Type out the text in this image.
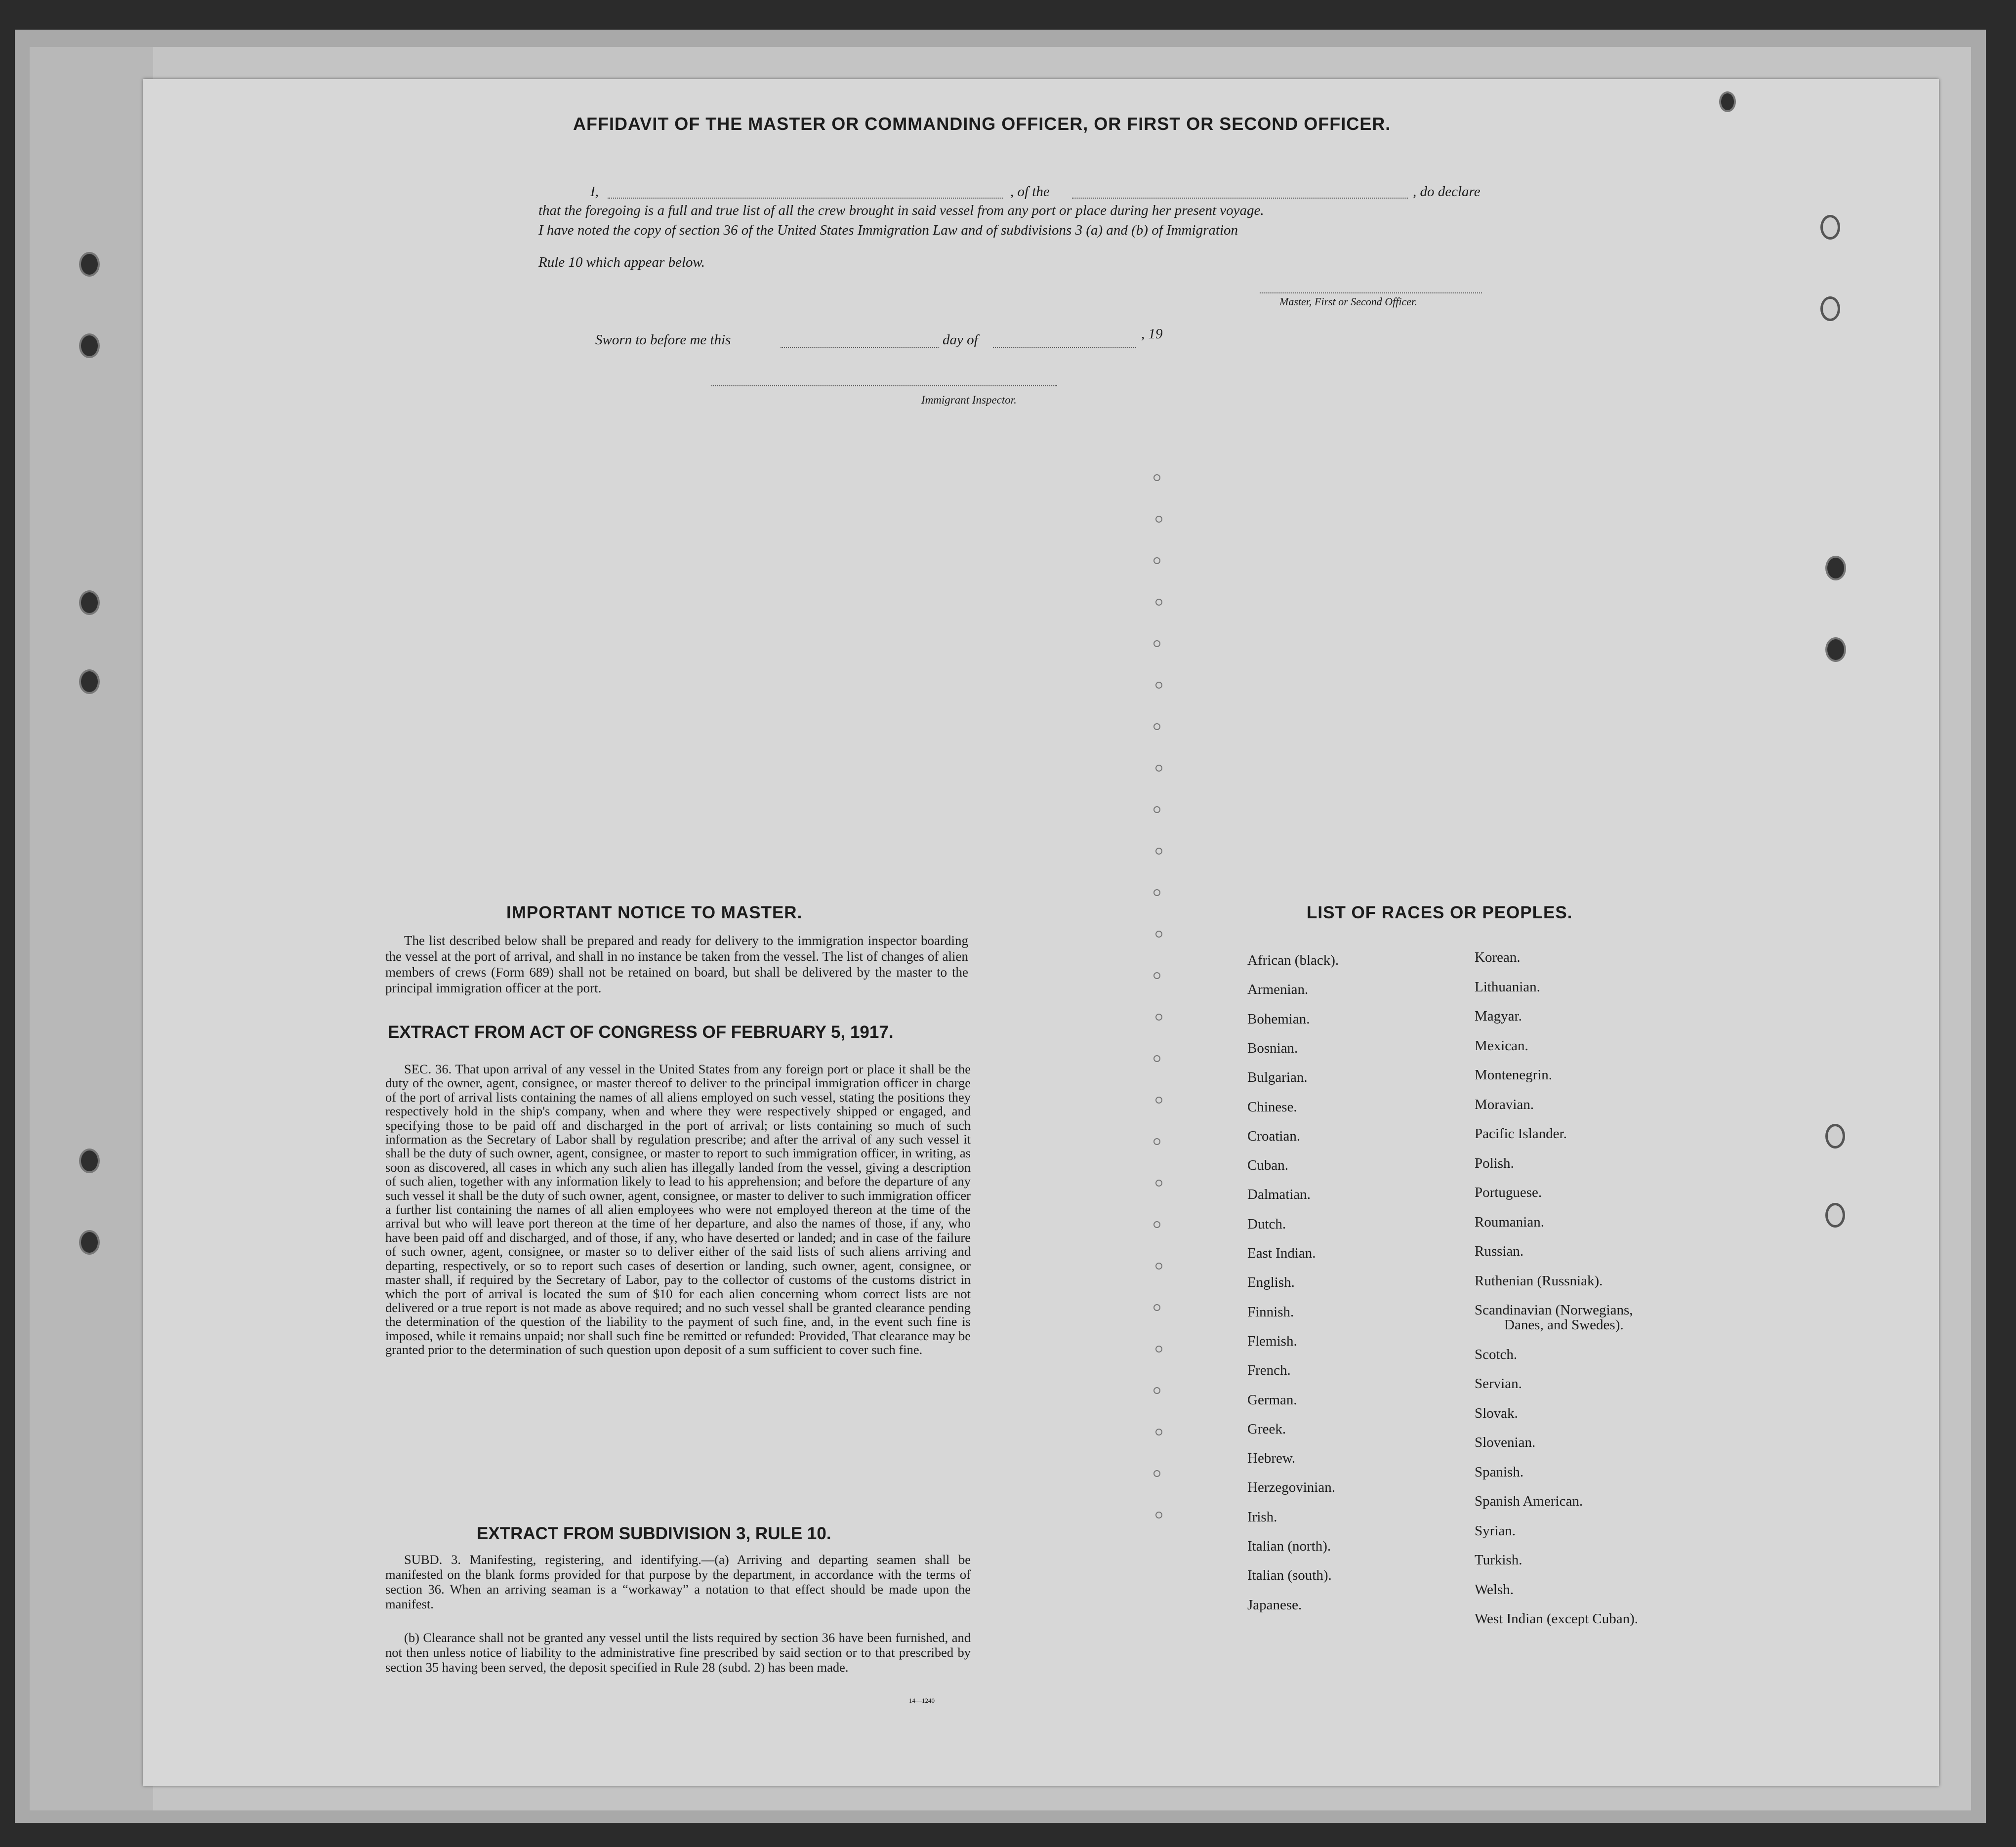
AFFIDAVIT OF THE MASTER OR COMMANDING OFFICER, OR FIRST OR SECOND OFFICER.
I,	, of the	, do declare
that the foregoing is a full and true list of all the crew brought in said vessel from any port or place during her present voyage.
I have noted the copy of section 36 of the United States Immigration Law and of subdivisions 3 (a) and (b) of Immigration
Rule 10 which appear below.
Master, First or Second Officer.
Sworn to before me this	day of	, 19
Immigrant Inspector.
IMPORTANT NOTICE TO MASTER.
The list described below shall be prepared and ready for delivery to the immigration inspector boarding the vessel at the port of arrival, and shall in no instance be taken from the vessel. The list of changes of alien members of crews (Form 689) shall not be retained on board, but shall be delivered by the master to the principal immigration officer at the port.
EXTRACT FROM ACT OF CONGRESS OF FEBRUARY 5, 1917.
SEC. 36. That upon arrival of any vessel in the United States from any foreign port or place it shall be the duty of the owner, agent, consignee, or master thereof to deliver to the principal immigration officer in charge of the port of arrival lists containing the names of all aliens employed on such vessel, stating the positions they respectively hold in the ship's company, when and where they were respectively shipped or engaged, and specifying those to be paid off and discharged in the port of arrival; or lists containing so much of such information as the Secretary of Labor shall by regulation prescribe; and after the arrival of any such vessel it shall be the duty of such owner, agent, consignee, or master to report to such immigration officer, in writing, as soon as discovered, all cases in which any such alien has illegally landed from the vessel, giving a description of such alien, together with any information likely to lead to his apprehension; and before the departure of any such vessel it shall be the duty of such owner, agent, consignee, or master to deliver to such immigration officer a further list containing the names of all alien employees who were not employed thereon at the time of the arrival but who will leave port thereon at the time of her departure, and also the names of those, if any, who have been paid off and discharged, and of those, if any, who have deserted or landed; and in case of the failure of such owner, agent, consignee, or master so to deliver either of the said lists of such aliens arriving and departing, respectively, or so to report such cases of desertion or landing, such owner, agent, consignee, or master shall, if required by the Secretary of Labor, pay to the collector of customs of the customs district in which the port of arrival is located the sum of $10 for each alien concerning whom correct lists are not delivered or a true report is not made as above required; and no such vessel shall be granted clearance pending the determination of the question of the liability to the payment of such fine, and, in the event such fine is imposed, while it remains unpaid; nor shall such fine be remitted or refunded: Provided, That clearance may be granted prior to the determination of such question upon deposit of a sum sufficient to cover such fine.
EXTRACT FROM SUBDIVISION 3, RULE 10.
SUBD. 3. Manifesting, registering, and identifying.—(a) Arriving and departing seamen shall be manifested on the blank forms provided for that purpose by the department, in accordance with the terms of section 36. When an arriving seaman is a “workaway” a notation to that effect should be made upon the manifest.
(b) Clearance shall not be granted any vessel until the lists required by section 36 have been furnished, and not then unless notice of liability to the administrative fine prescribed by said section or to that prescribed by section 35 having been served, the deposit specified in Rule 28 (subd. 2) has been made.
14—1240
LIST OF RACES OR PEOPLES.
African (black).
Armenian.
Bohemian.
Bosnian.
Bulgarian.
Chinese.
Croatian.
Cuban.
Dalmatian.
Dutch.
East Indian.
English.
Finnish.
Flemish.
French.
German.
Greek.
Hebrew.
Herzegovinian.
Irish.
Italian (north).
Italian (south).
Japanese.
Korean.
Lithuanian.
Magyar.
Mexican.
Montenegrin.
Moravian.
Pacific Islander.
Polish.
Portuguese.
Roumanian.
Russian.
Ruthenian (Russniak).
Scandinavian (Norwegians,
Danes, and Swedes).
Scotch.
Servian.
Slovak.
Slovenian.
Spanish.
Spanish American.
Syrian.
Turkish.
Welsh.
West Indian (except Cuban).
